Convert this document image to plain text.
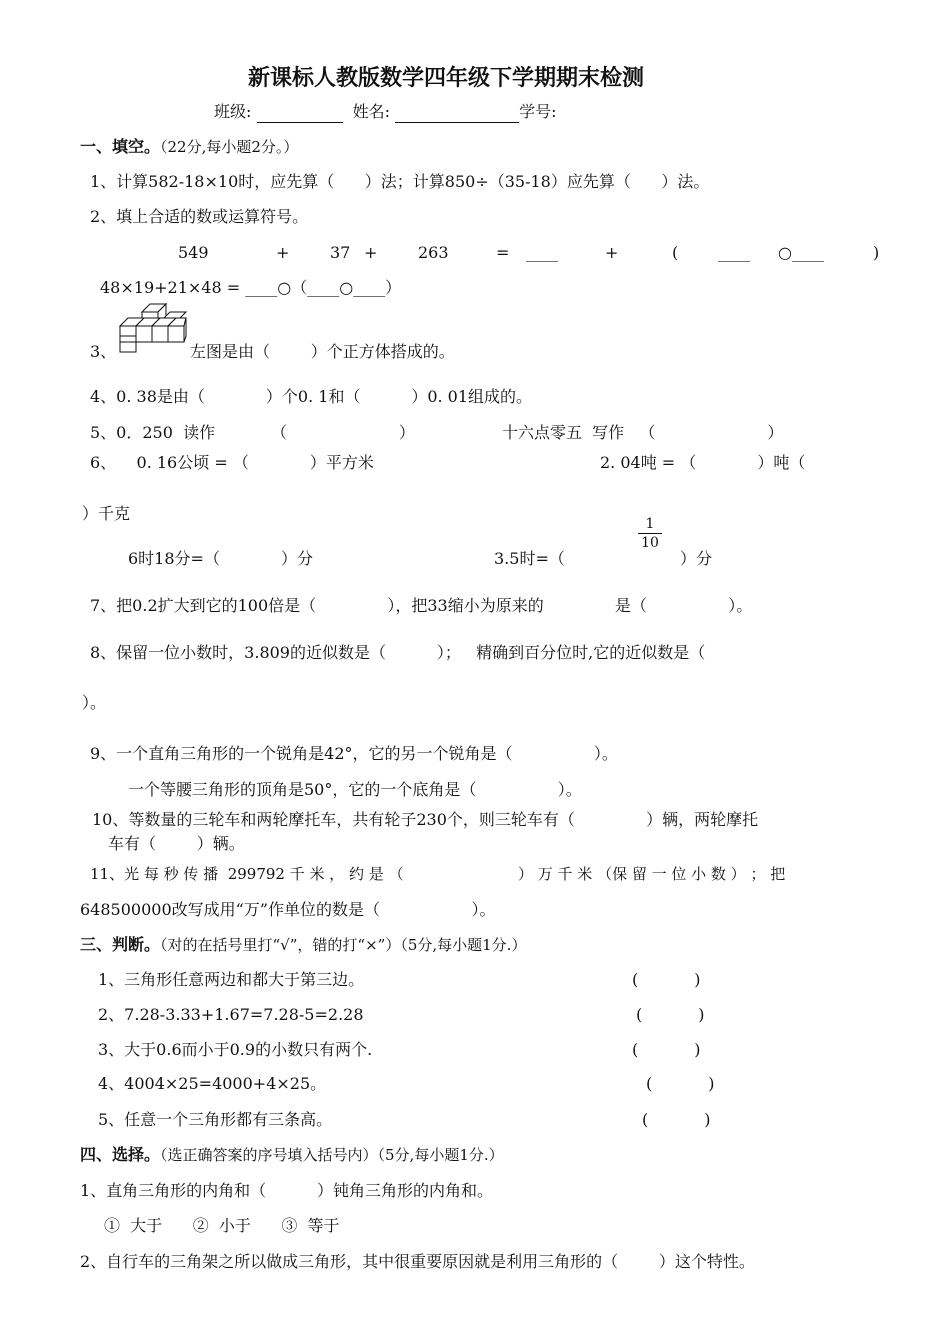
新课标人教版数学四年级下学期期末检测
班级:	姓名:	学号:
一、填空。（22分,每小题2分。）
1、计算582-18×10时，应先算（      ）法；计算850÷（35-18）应先算（      ）法。
2、填上合适的数或运算符号。
549	+	37 +	263	= ____	+	( ____ ○____	)
48×19+21×48 = ____○（____○____）
3、	左图是由（        ）个正方体搭成的。
4、0. 38是由（            ）个0. 1和（          ）0. 01组成的。
5、0．250  读作           （                      ）	十六点零五  写作   （                      ）
6、    0. 16公顷 = （            ）平方米	2. 04吨 = （            ）吨（
）千克
6时18分=（            ）分	3.5时=（
1
10
）分
7、把0.2扩大到它的100倍是（              ），把33缩小为原来的              是（                ）。
8、保留一位小数时，3.809的近似数是（          ）；   精确到百分位时,它的近似数是（
）。
9、一个直角三角形的一个锐角是42°，它的另一个锐角是（                ）。
一个等腰三角形的顶角是50°，它的一个底角是（                ）。
10、等数量的三轮车和两轮摩托车，共有轮子230个，则三轮车有（              ）辆，两轮摩托
车有（        ）辆。
11、光 每 秒 传 播  299792 千 米 ， 约 是 （                        ） 万 千 米 （保 留 一 位 小 数 ） ； 把
648500000改写成用“万”作单位的数是（                  ）。
三、判断。（对的在括号里打“√”，错的打“×”）（5分,每小题1分.）
1、三角形任意两边和都大于第三边。	(           )
2、7.28-3.33+1.67=7.28-5=2.28	(           )
3、大于0.6而小于0.9的小数只有两个.	(           )
4、4004×25=4000+4×25。	(           )
5、任意一个三角形都有三条高。	(           )
四、选择。（选正确答案的序号填入括号内）（5分,每小题1分.）
1、直角三角形的内角和（          ）钝角三角形的内角和。
①  大于      ②  小于      ③  等于
2、自行车的三角架之所以做成三角形，其中很重要原因就是利用三角形的（        ）这个特性。
